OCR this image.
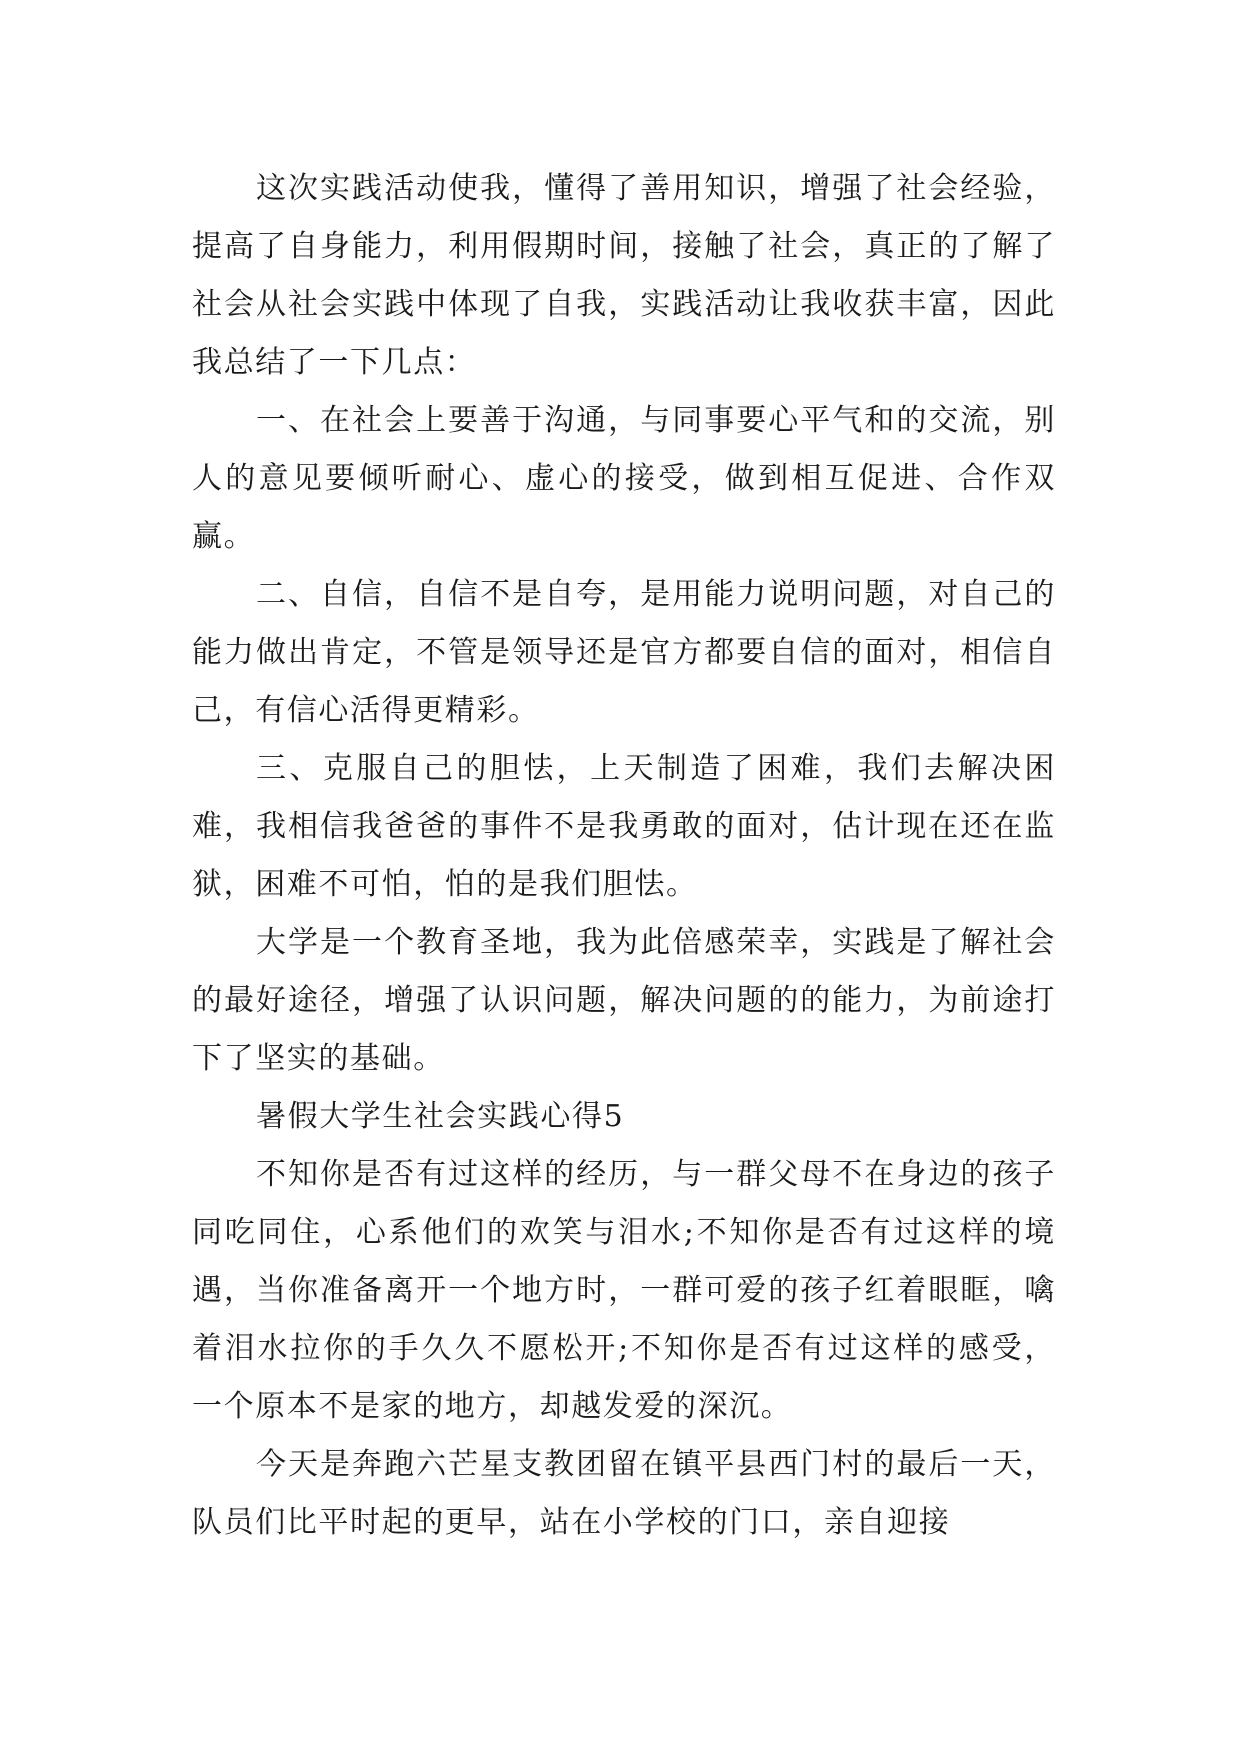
这次实践活动使我，懂得了善用知识，增强了社会经验，提高了自身能力，利用假期时间，接触了社会，真正的了解了社会从社会实践中体现了自我，实践活动让我收获丰富，因此我总结了一下几点：

一、在社会上要善于沟通，与同事要心平气和的交流，别人的意见要倾听耐心、虚心的接受，做到相互促进、合作双赢。

二、自信，自信不是自夸，是用能力说明问题，对自己的能力做出肯定，不管是领导还是官方都要自信的面对，相信自己，有信心活得更精彩。

三、克服自己的胆怯，上天制造了困难，我们去解决困难，我相信我爸爸的事件不是我勇敢的面对，估计现在还在监狱，困难不可怕，怕的是我们胆怯。

大学是一个教育圣地，我为此倍感荣幸，实践是了解社会的最好途径，增强了认识问题，解决问题的的能力，为前途打下了坚实的基础。

暑假大学生社会实践心得5

不知你是否有过这样的经历，与一群父母不在身边的孩子同吃同住，心系他们的欢笑与泪水;不知你是否有过这样的境遇，当你准备离开一个地方时，一群可爱的孩子红着眼眶，噙着泪水拉你的手久久不愿松开;不知你是否有过这样的感受，一个原本不是家的地方，却越发爱的深沉。

今天是奔跑六芒星支教团留在镇平县西门村的最后一天，队员们比平时起的更早，站在小学校的门口，亲自迎接
